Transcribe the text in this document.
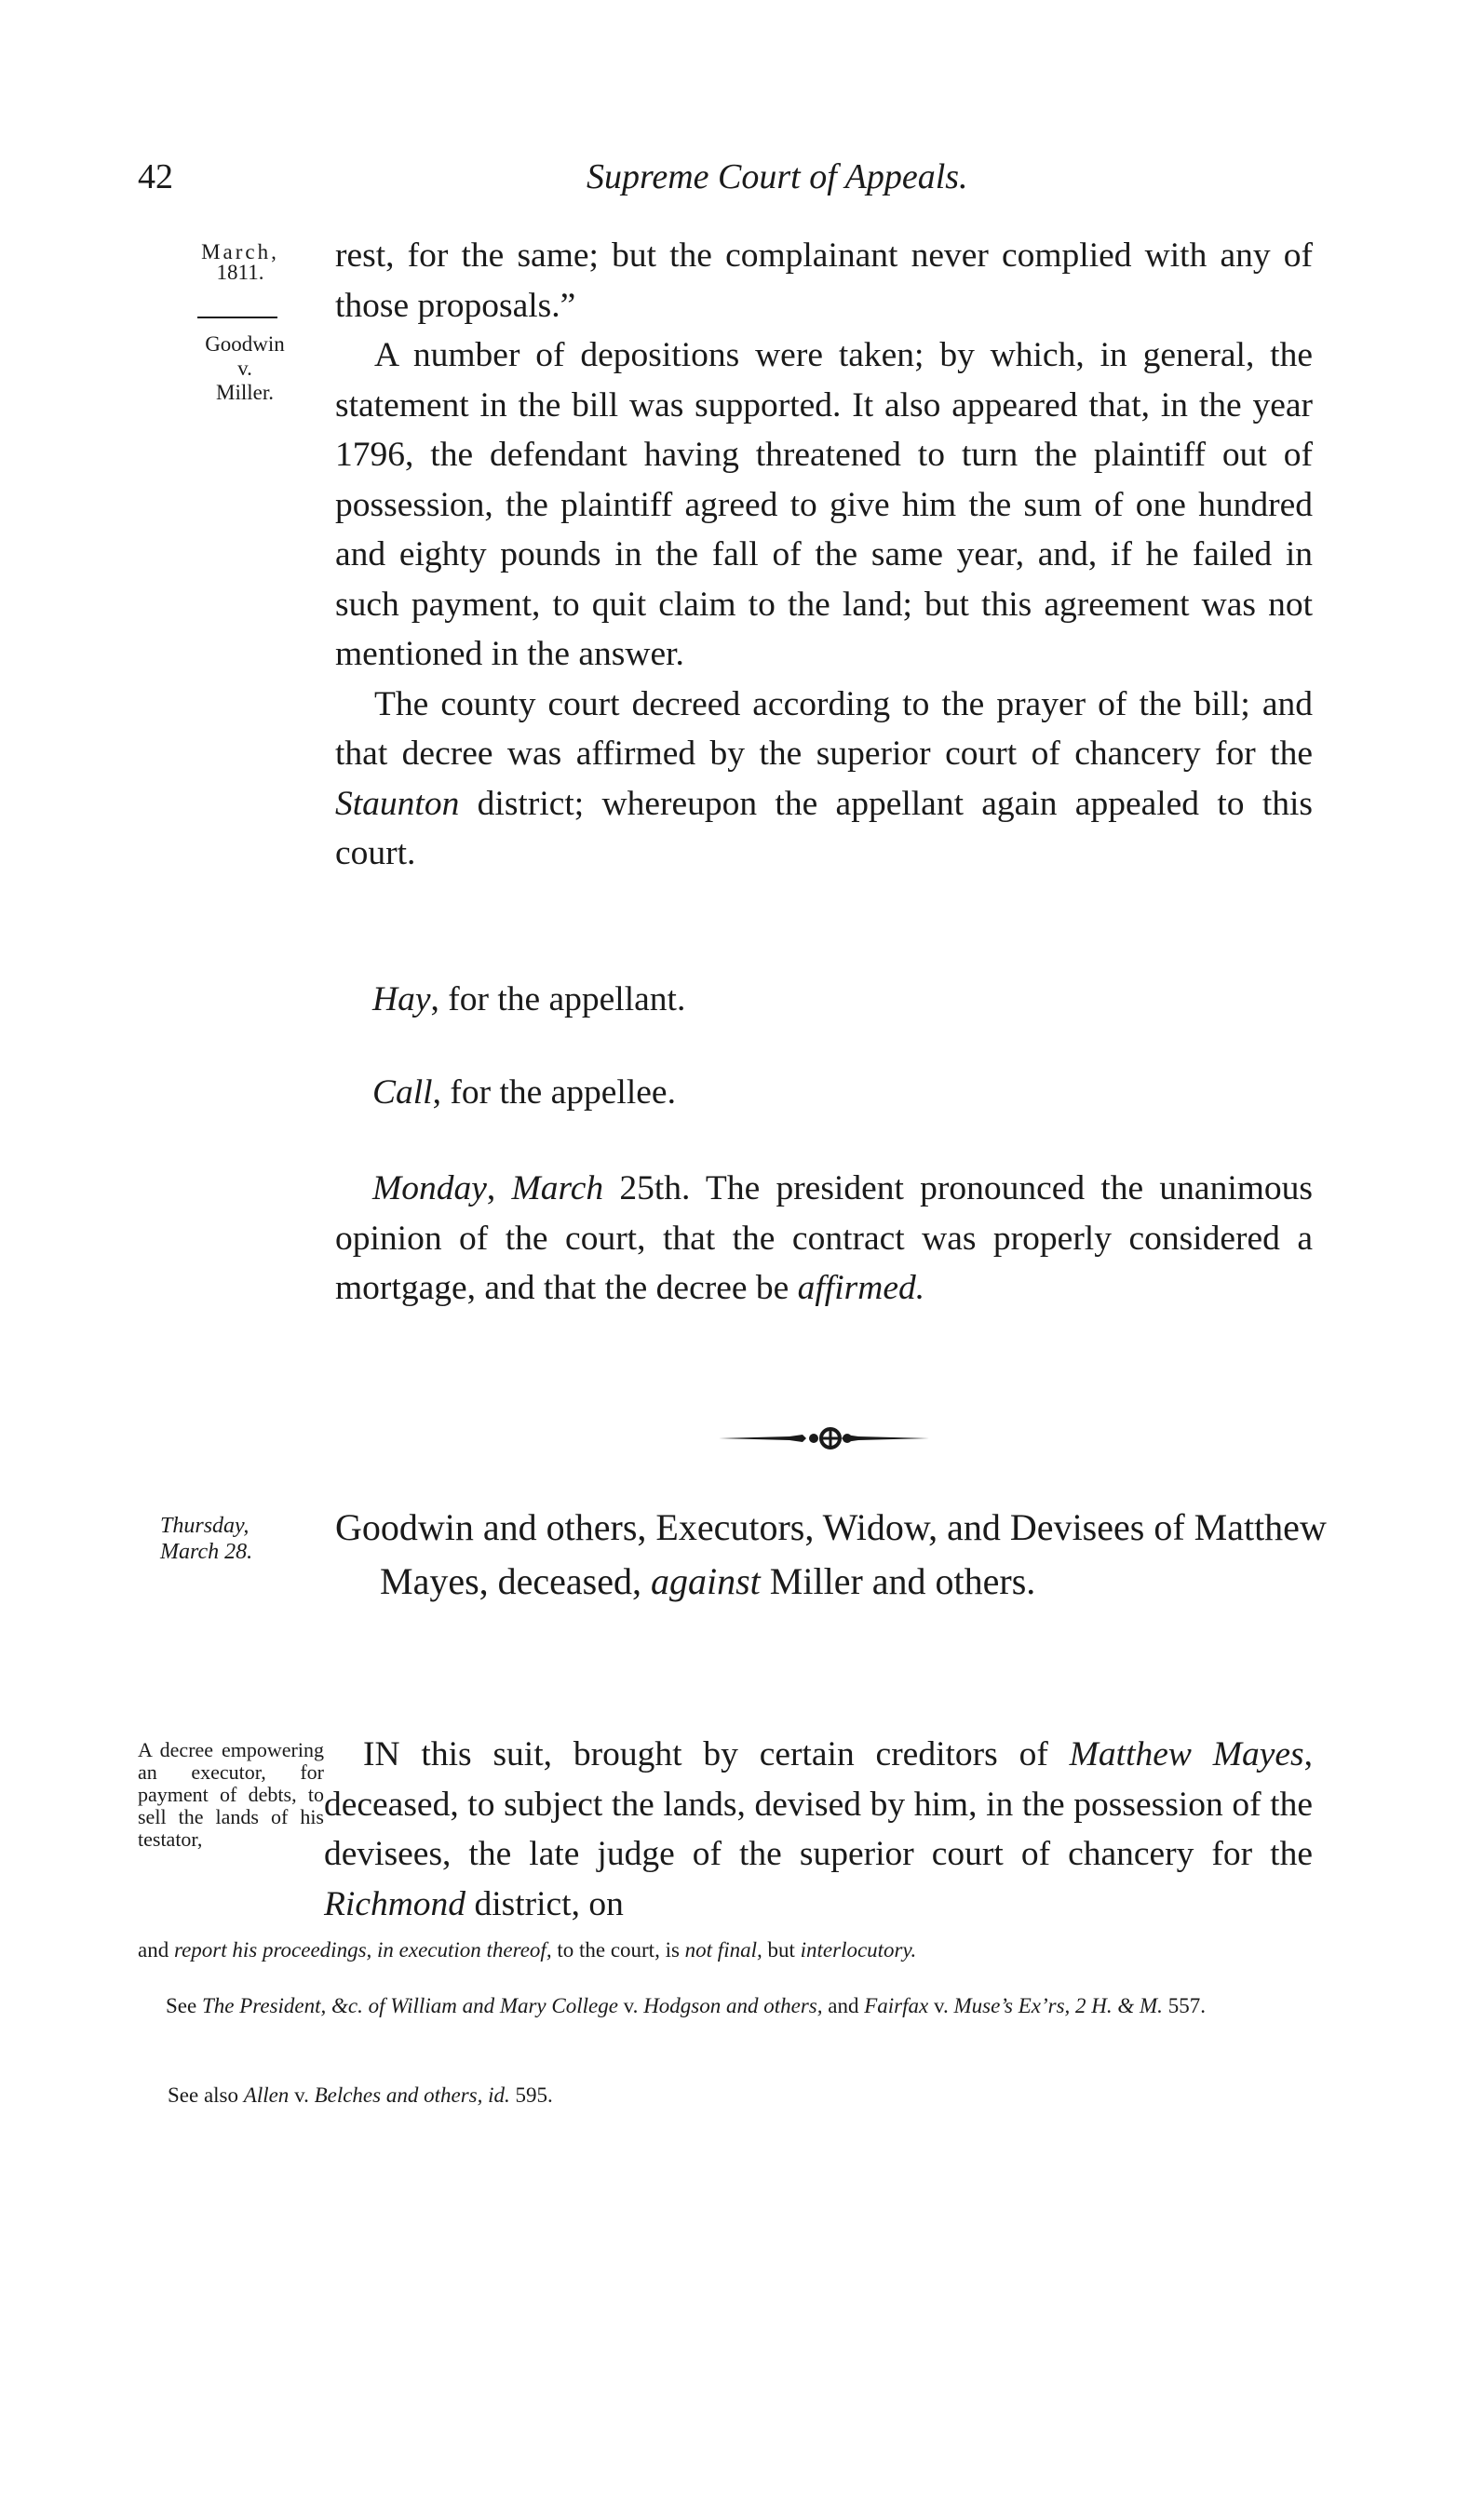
42	Supreme Court of Appeals.
March,
1811.
Goodwin
v.
Miller.

rest, for the same; but the complainant never complied with any of those proposals.”

A number of depositions were taken; by which, in general, the statement in the bill was supported. It also appeared that, in the year 1796, the defendant having threatened to turn the plaintiff out of possession, the plaintiff agreed to give him the sum of one hundred and eighty pounds in the fall of the same year, and, if he failed in such payment, to quit claim to the land; but this agreement was not mentioned in the answer.

The county court decreed according to the prayer of the bill; and that decree was affirmed by the superior court of chancery for the Staunton district; whereupon the appellant again appealed to this court.

Hay, for the appellant.
Call, for the appellee.

Monday, March 25th. The president pronounced the unanimous opinion of the court, that the contract was properly considered a mortgage, and that the decree be affirmed.

Thursday,
March 28.
Goodwin and others, Executors, Widow, and Devisees of Matthew Mayes, deceased, against Miller and others.
A decree empowering an executor, for payment of debts, to sell the lands of his testator,

IN this suit, brought by certain creditors of Matthew Mayes, deceased, to subject the lands, devised by him, in the possession of the devisees, the late judge of the superior court of chancery for the Richmond district, on

and report his proceedings, in execution thereof, to the court, is not final, but interlocutory.
See The President, &c. of William and Mary College v. Hodgson and others, and Fairfax v. Muse’s Ex’rs, 2 H. & M. 557.
See also Allen v. Belches and others, id. 595.
